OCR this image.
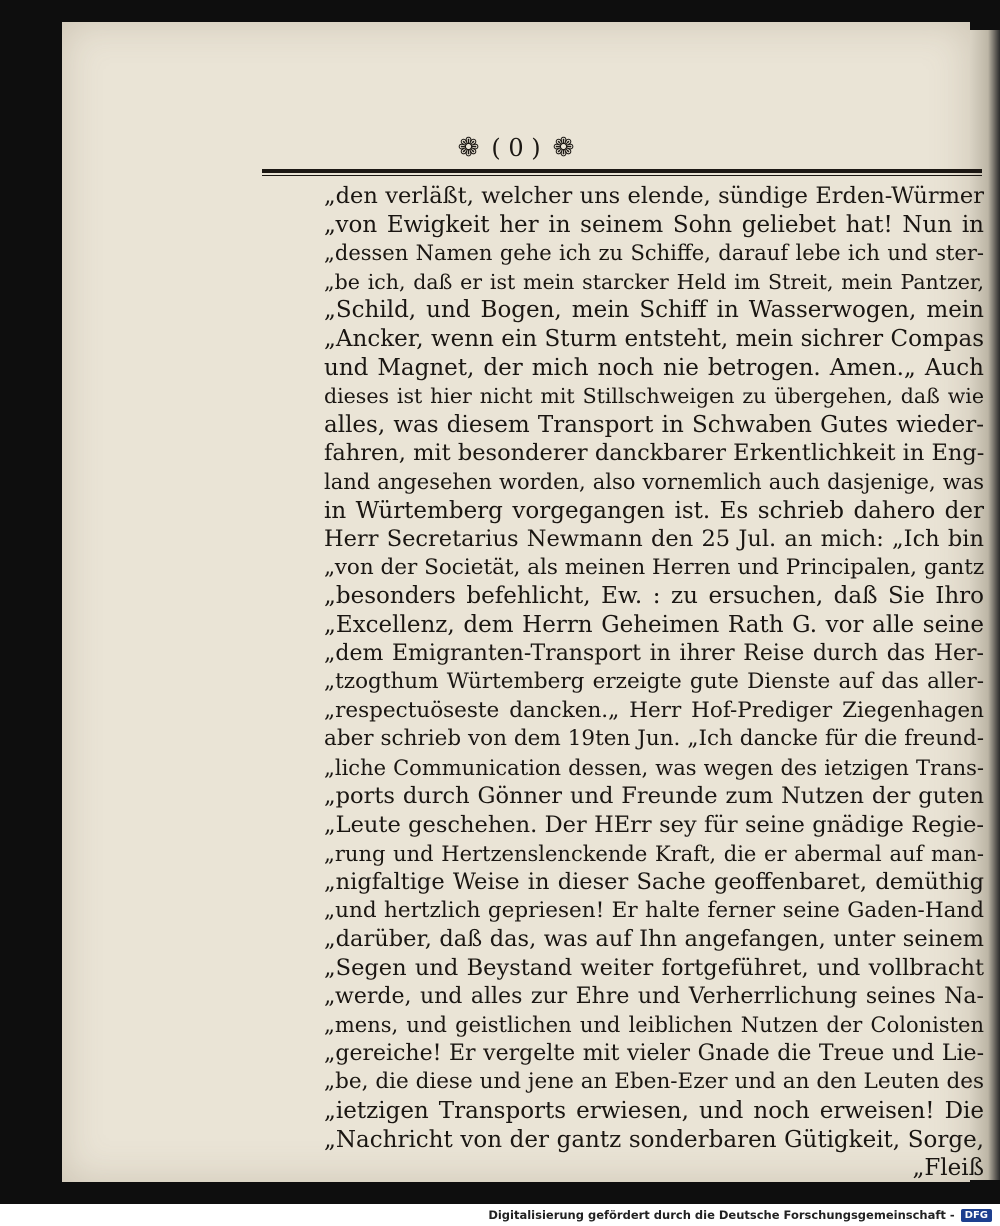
❁ ( 0 ) ❁
„den verläßt, welcher uns elende, sündige Erden-Würmer
„von Ewigkeit her in seinem Sohn geliebet hat! Nun in
„dessen Namen gehe ich zu Schiffe, darauf lebe ich und ster-
„be ich, daß er ist mein starcker Held im Streit, mein Pantzer,
„Schild, und Bogen, mein Schiff in Wasserwogen, mein
„Ancker, wenn ein Sturm entsteht, mein sichrer Compas
und Magnet, der mich noch nie betrogen. Amen.„ Auch
dieses ist hier nicht mit Stillschweigen zu übergehen, daß wie
alles, was diesem Transport in Schwaben Gutes wieder-
fahren, mit besonderer danckbarer Erkentlichkeit in Eng-
land angesehen worden, also vornemlich auch dasjenige, was
in Würtemberg vorgegangen ist. Es schrieb dahero der
Herr Secretarius Newmann den 25 Jul. an mich: „Ich bin
„von der Societät, als meinen Herren und Principalen, gantz
„besonders befehlicht, Ew. : zu ersuchen, daß Sie Ihro
„Excellenz, dem Herrn Geheimen Rath G. vor alle seine
„dem Emigranten-Transport in ihrer Reise durch das Her-
„tzogthum Würtemberg erzeigte gute Dienste auf das aller-
„respectuöseste dancken.„ Herr Hof-Prediger Ziegenhagen
aber schrieb von dem 19ten Jun. „Ich dancke für die freund-
„liche Communication dessen, was wegen des ietzigen Trans-
„ports durch Gönner und Freunde zum Nutzen der guten
„Leute geschehen. Der HErr sey für seine gnädige Regie-
„rung und Hertzenslenckende Kraft, die er abermal auf man-
„nigfaltige Weise in dieser Sache geoffenbaret, demüthig
„und hertzlich gepriesen! Er halte ferner seine Gaden-Hand
„darüber, daß das, was auf Ihn angefangen, unter seinem
„Segen und Beystand weiter fortgeführet, und vollbracht
„werde, und alles zur Ehre und Verherrlichung seines Na-
„mens, und geistlichen und leiblichen Nutzen der Colonisten
„gereiche! Er vergelte mit vieler Gnade die Treue und Lie-
„be, die diese und jene an Eben-Ezer und an den Leuten des
„ietzigen Transports erwiesen, und noch erweisen! Die
„Nachricht von der gantz sonderbaren Gütigkeit, Sorge,
„Fleiß
Digitalisierung gefördert durch die Deutsche Forschungsgemeinschaft -	DFG
